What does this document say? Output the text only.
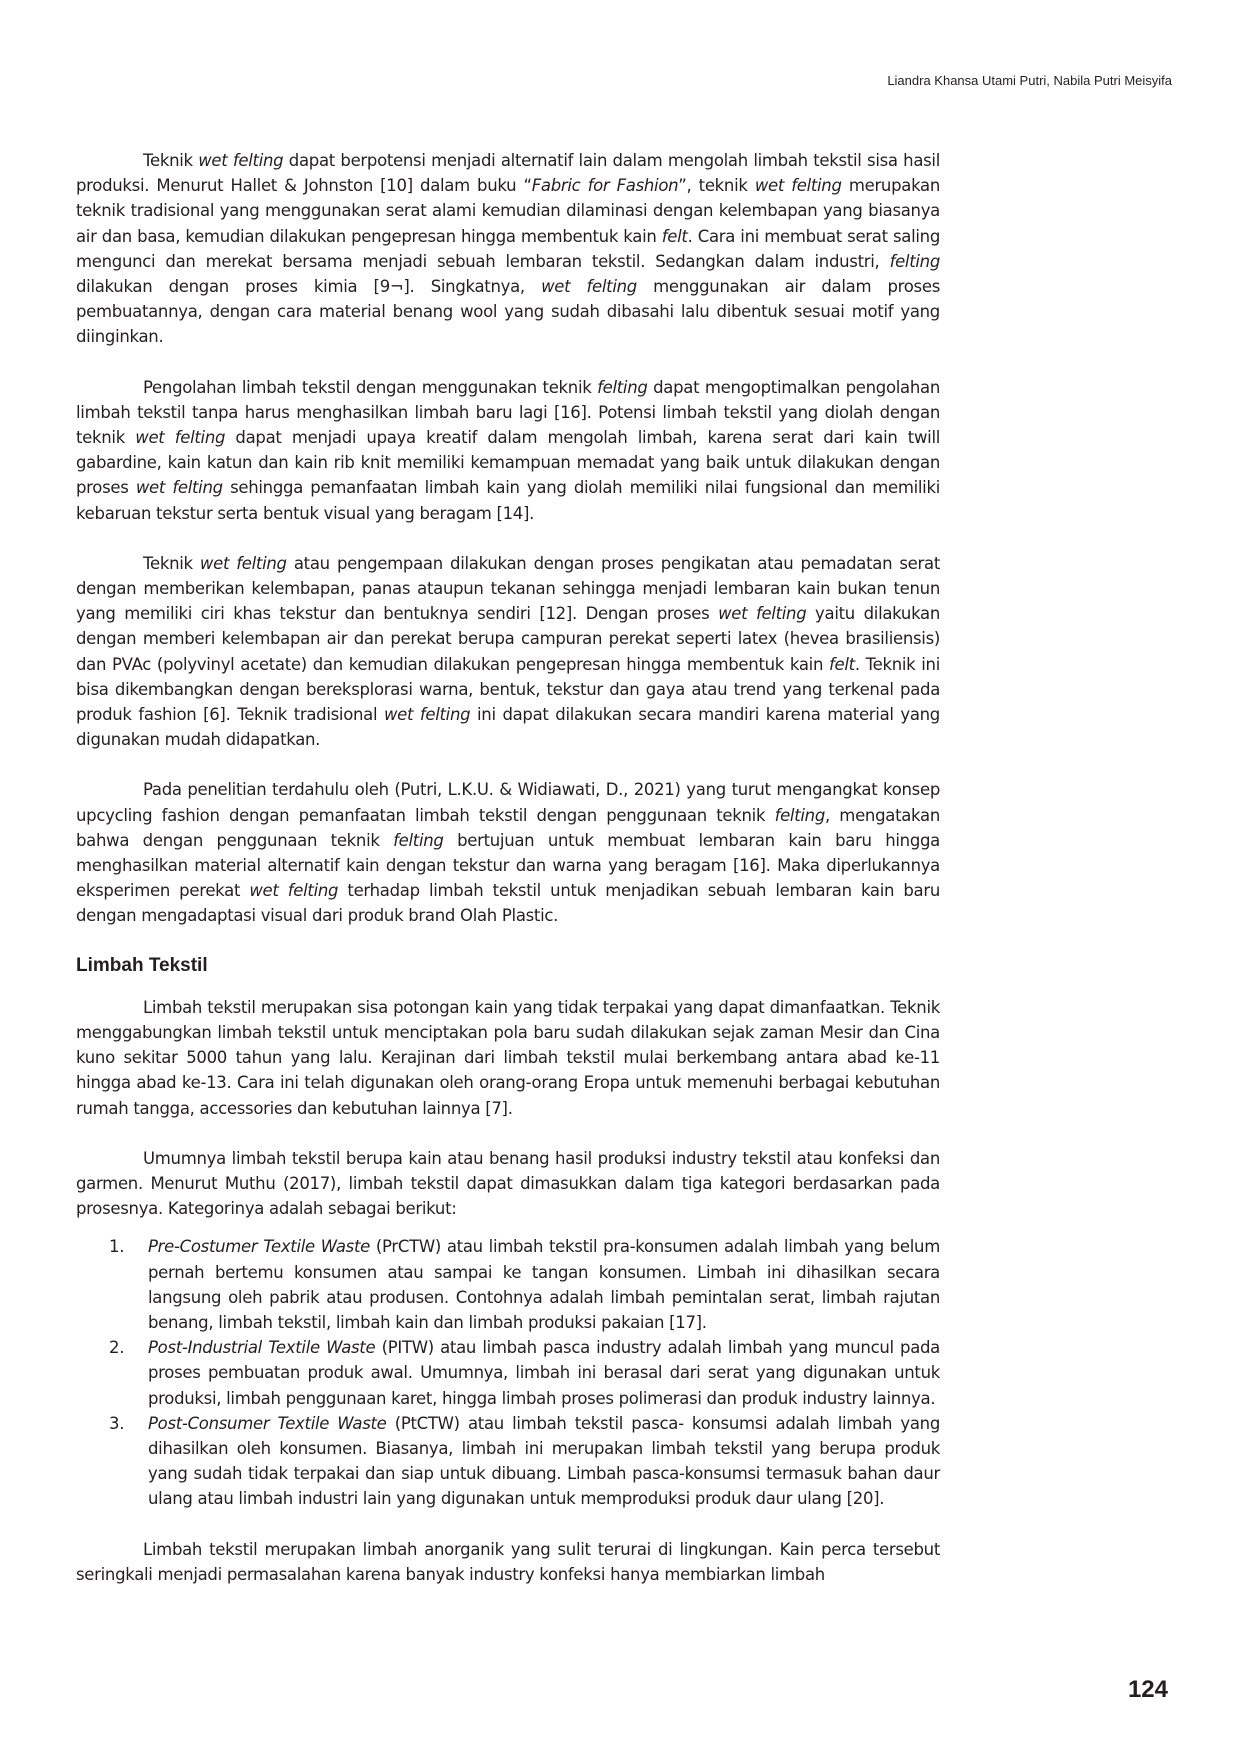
Liandra Khansa Utami Putri, Nabila Putri Meisyifa

Teknik wet felting dapat berpotensi menjadi alternatif lain dalam mengolah limbah tekstil sisa hasil produksi. Menurut Hallet & Johnston [10] dalam buku “Fabric for Fashion”, teknik wet felting merupakan teknik tradisional yang menggunakan serat alami kemudian dilaminasi dengan kelembapan yang biasanya air dan basa, kemudian dilakukan pengepresan hingga membentuk kain felt. Cara ini membuat serat saling mengunci dan merekat bersama menjadi sebuah lembaran tekstil. Sedangkan dalam industri, felting dilakukan dengan proses kimia [9¬]. Singkatnya, wet felting menggunakan air dalam proses pembuatannya, dengan cara material benang wool yang sudah dibasahi lalu dibentuk sesuai motif yang diinginkan.

Pengolahan limbah tekstil dengan menggunakan teknik felting dapat mengoptimalkan pengolahan limbah tekstil tanpa harus menghasilkan limbah baru lagi [16]. Potensi limbah tekstil yang diolah dengan teknik wet felting dapat menjadi upaya kreatif dalam mengolah limbah, karena serat dari kain twill gabardine, kain katun dan kain rib knit memiliki kemampuan memadat yang baik untuk dilakukan dengan proses wet felting sehingga pemanfaatan limbah kain yang diolah memiliki nilai fungsional dan memiliki kebaruan tekstur serta bentuk visual yang beragam [14].

Teknik wet felting atau pengempaan dilakukan dengan proses pengikatan atau pemadatan serat dengan memberikan kelembapan, panas ataupun tekanan sehingga menjadi lembaran kain bukan tenun yang memiliki ciri khas tekstur dan bentuknya sendiri [12]. Dengan proses wet felting yaitu dilakukan dengan memberi kelembapan air dan perekat berupa campuran perekat seperti latex (hevea brasiliensis) dan PVAc (polyvinyl acetate) dan kemudian dilakukan pengepresan hingga membentuk kain felt. Teknik ini bisa dikembangkan dengan bereksplorasi warna, bentuk, tekstur dan gaya atau trend yang terkenal pada produk fashion [6]. Teknik tradisional wet felting ini dapat dilakukan secara mandiri karena material yang digunakan mudah didapatkan.

Pada penelitian terdahulu oleh (Putri, L.K.U. & Widiawati, D., 2021) yang turut mengangkat konsep upcycling fashion dengan pemanfaatan limbah tekstil dengan penggunaan teknik felting, mengatakan bahwa dengan penggunaan teknik felting bertujuan untuk membuat lembaran kain baru hingga menghasilkan material alternatif kain dengan tekstur dan warna yang beragam [16]. Maka diperlukannya eksperimen perekat wet felting terhadap limbah tekstil untuk menjadikan sebuah lembaran kain baru dengan mengadaptasi visual dari produk brand Olah Plastic.

Limbah Tekstil

Limbah tekstil merupakan sisa potongan kain yang tidak terpakai yang dapat dimanfaatkan. Teknik menggabungkan limbah tekstil untuk menciptakan pola baru sudah dilakukan sejak zaman Mesir dan Cina kuno sekitar 5000 tahun yang lalu. Kerajinan dari limbah tekstil mulai berkembang antara abad ke-11 hingga abad ke-13. Cara ini telah digunakan oleh orang-orang Eropa untuk memenuhi berbagai kebutuhan rumah tangga, accessories dan kebutuhan lainnya [7].

Umumnya limbah tekstil berupa kain atau benang hasil produksi industry tekstil atau konfeksi dan garmen. Menurut Muthu (2017), limbah tekstil dapat dimasukkan dalam tiga kategori berdasarkan pada prosesnya. Kategorinya adalah sebagai berikut:

1. Pre-Costumer Textile Waste (PrCTW) atau limbah tekstil pra-konsumen adalah limbah yang belum pernah bertemu konsumen atau sampai ke tangan konsumen. Limbah ini dihasilkan secara langsung oleh pabrik atau produsen. Contohnya adalah limbah pemintalan serat, limbah rajutan benang, limbah tekstil, limbah kain dan limbah produksi pakaian [17].
2. Post-Industrial Textile Waste (PITW) atau limbah pasca industry adalah limbah yang muncul pada proses pembuatan produk awal. Umumnya, limbah ini berasal dari serat yang digunakan untuk produksi, limbah penggunaan karet, hingga limbah proses polimerasi dan produk industry lainnya.
3. Post-Consumer Textile Waste (PtCTW) atau limbah tekstil pasca- konsumsi adalah limbah yang dihasilkan oleh konsumen. Biasanya, limbah ini merupakan limbah tekstil yang berupa produk yang sudah tidak terpakai dan siap untuk dibuang. Limbah pasca-konsumsi termasuk bahan daur ulang atau limbah industri lain yang digunakan untuk memproduksi produk daur ulang [20].

Limbah tekstil merupakan limbah anorganik yang sulit terurai di lingkungan. Kain perca tersebut seringkali menjadi permasalahan karena banyak industry konfeksi hanya membiarkan limbah

124
